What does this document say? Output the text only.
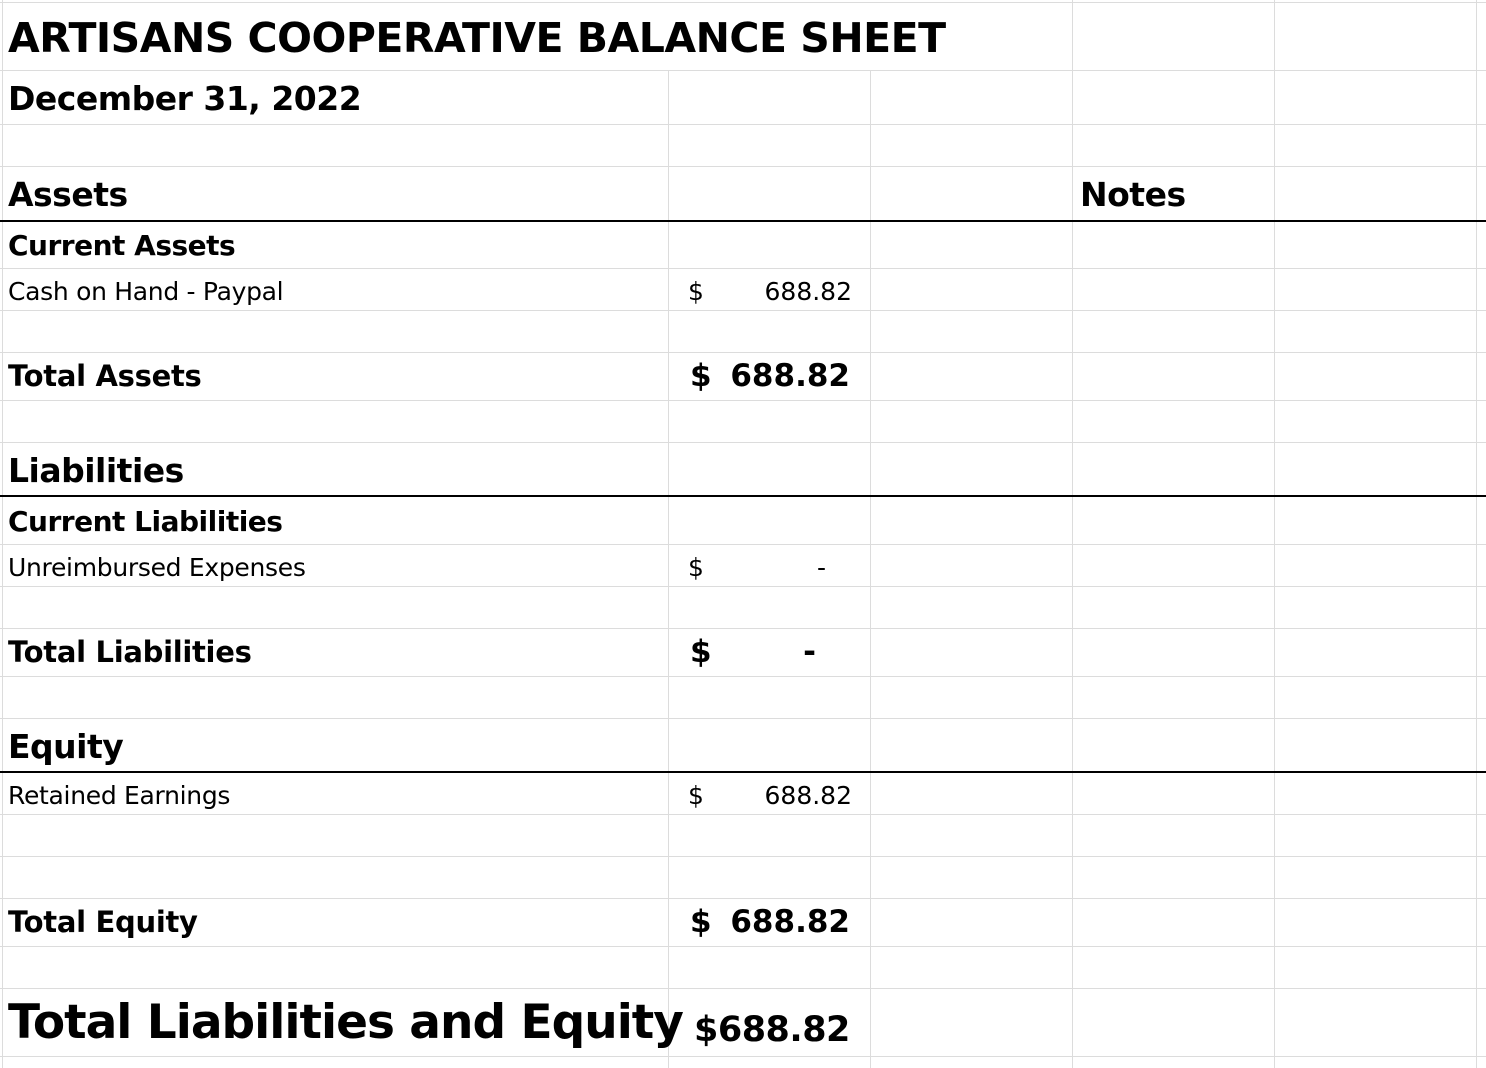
ARTISANS COOPERATIVE BALANCE SHEET
December 31, 2022
Assets	Notes
Current Assets
Cash on Hand - Paypal	$	688.82
Total Assets	$ 688.82
Liabilities
Current Liabilities
Unreimbursed Expenses	$	-
Total Liabilities	$	-
Equity
Retained Earnings	$	688.82
Total Equity	$ 688.82
Total Liabilities and Equity $688.82
